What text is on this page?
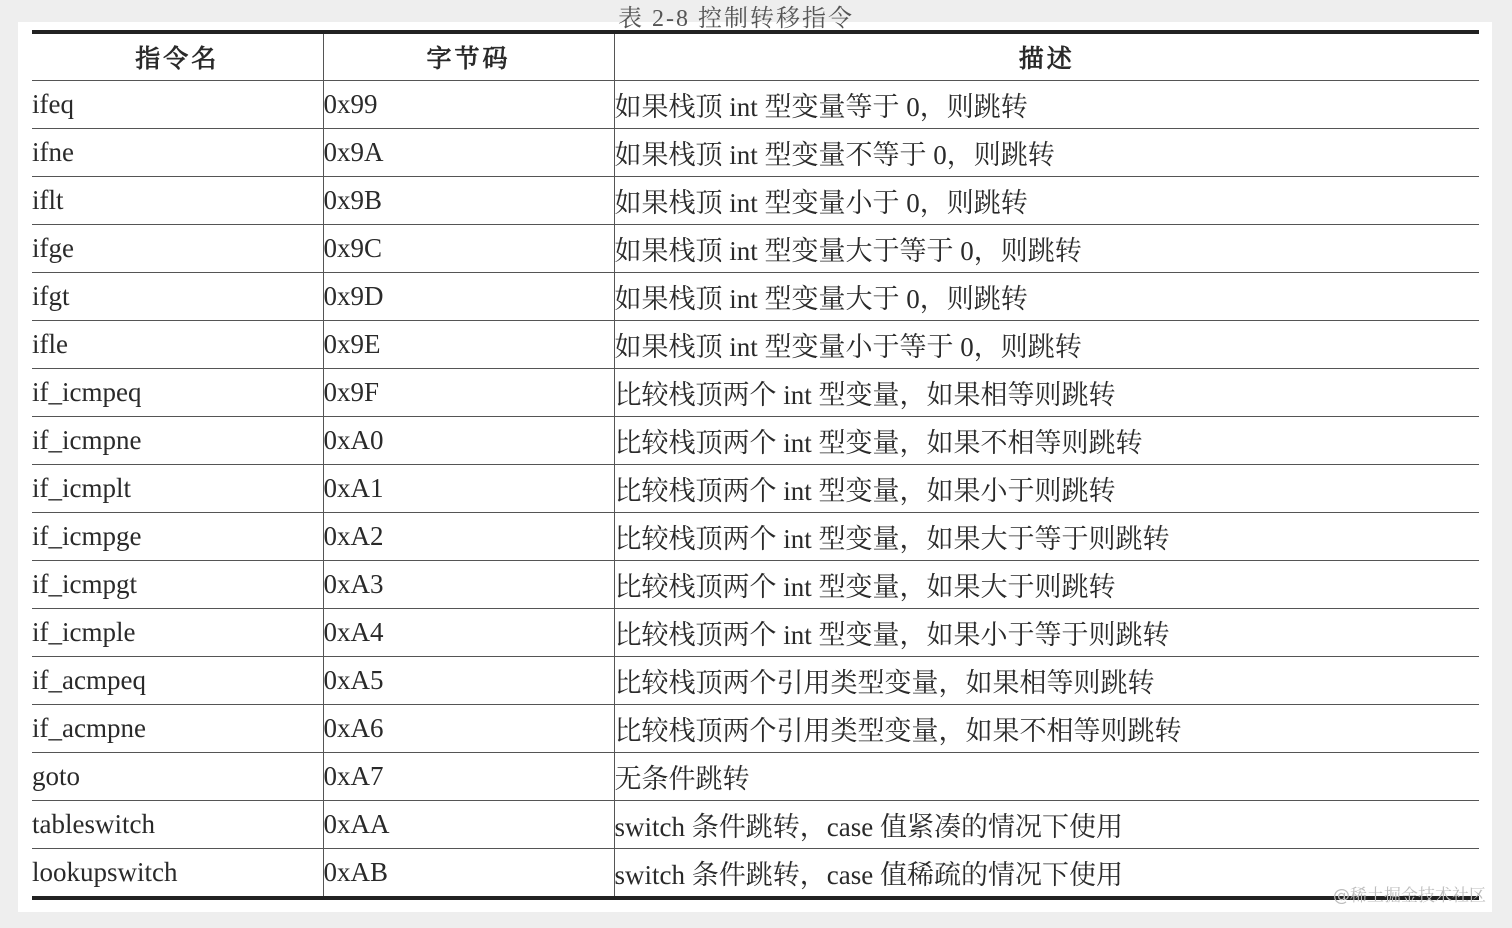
表 2-8 控制转移指令
指令名	字节码	描述
ifeq	0x99	如果栈顶 int 型变量等于 0，则跳转
ifne	0x9A	如果栈顶 int 型变量不等于 0，则跳转
iflt	0x9B	如果栈顶 int 型变量小于 0，则跳转
ifge	0x9C	如果栈顶 int 型变量大于等于 0，则跳转
ifgt	0x9D	如果栈顶 int 型变量大于 0，则跳转
ifle	0x9E	如果栈顶 int 型变量小于等于 0，则跳转
if_icmpeq	0x9F	比较栈顶两个 int 型变量，如果相等则跳转
if_icmpne	0xA0	比较栈顶两个 int 型变量，如果不相等则跳转
if_icmplt	0xA1	比较栈顶两个 int 型变量，如果小于则跳转
if_icmpge	0xA2	比较栈顶两个 int 型变量，如果大于等于则跳转
if_icmpgt	0xA3	比较栈顶两个 int 型变量，如果大于则跳转
if_icmple	0xA4	比较栈顶两个 int 型变量，如果小于等于则跳转
if_acmpeq	0xA5	比较栈顶两个引用类型变量，如果相等则跳转
if_acmpne	0xA6	比较栈顶两个引用类型变量，如果不相等则跳转
goto	0xA7	无条件跳转
tableswitch	0xAA	switch 条件跳转，case 值紧凑的情况下使用
lookupswitch	0xAB	switch 条件跳转，case 值稀疏的情况下使用
@稀土掘金技术社区
